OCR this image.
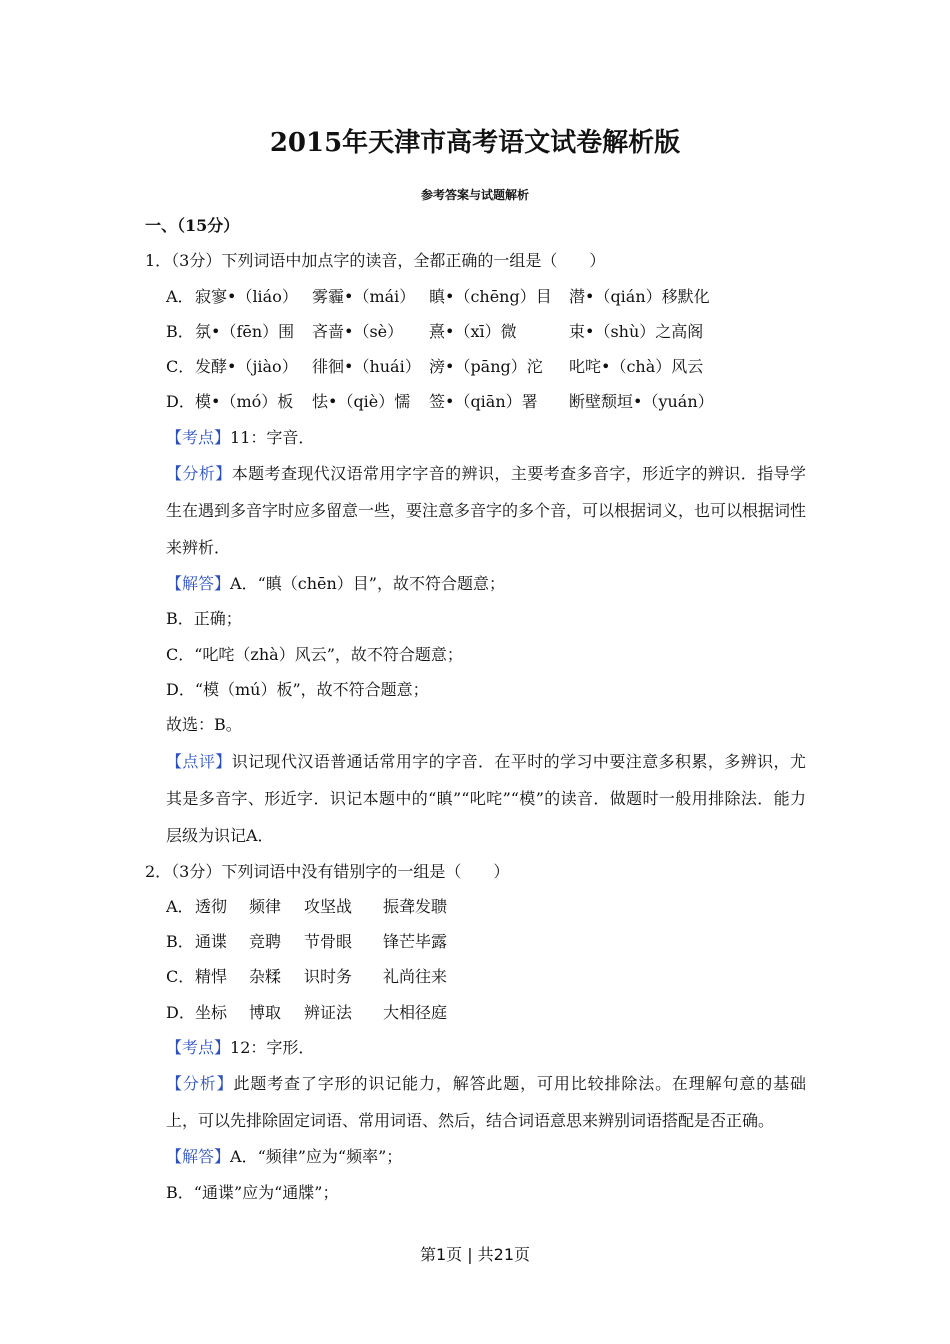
2015年天津市高考语文试卷解析版
参考答案与试题解析
一、（15分）
1．（3分）下列词语中加点字的读音，全都正确的一组是（　　）
A．寂寥•（liáo） 雾霾•（mái） 瞋•（chēng）目 潜•（qián）移默化
B．氛•（fēn）围 吝啬•（sè） 熹•（xī）微	束•（shù）之高阁
C．发酵•（jiào） 徘徊•（huái） 滂•（pāng）沱 叱咤•（chà）风云
D．模•（mó）板 怯•（qiè）懦 签•（qiān）署 断壁颓垣•（yuán）
【考点】11：字音．
【分析】本题考查现代汉语常用字字音的辨识，主要考查多音字，形近字的辨识．指导学生在遇到多音字时应多留意一些，要注意多音字的多个音，可以根据词义，也可以根据词性来辨析．
【解答】A．“瞋（chēn）目”，故不符合题意；
B．正确；
C．“叱咤（zhà）风云”，故不符合题意；
D．“模（mú）板”，故不符合题意；
故选：B。
【点评】识记现代汉语普通话常用字的字音．在平时的学习中要注意多积累，多辨识，尤其是多音字、形近字．识记本题中的“瞋”“叱咤”“模”的读音．做题时一般用排除法．能力层级为识记A．
2．（3分）下列词语中没有错别字的一组是（　　）
A．透彻 频律 攻坚战 振聋发聩
B．通谍 竞聘 节骨眼 锋芒毕露
C．精悍 杂糅 识时务 礼尚往来
D．坐标 博取 辨证法 大相径庭
【考点】12：字形．
【分析】此题考查了字形的识记能力，解答此题，可用比较排除法。在理解句意的基础上，可以先排除固定词语、常用词语、然后，结合词语意思来辨别词语搭配是否正确。
【解答】A．“频律”应为“频率”；
B．“通谍”应为“通牒”；
第1页 | 共21页
